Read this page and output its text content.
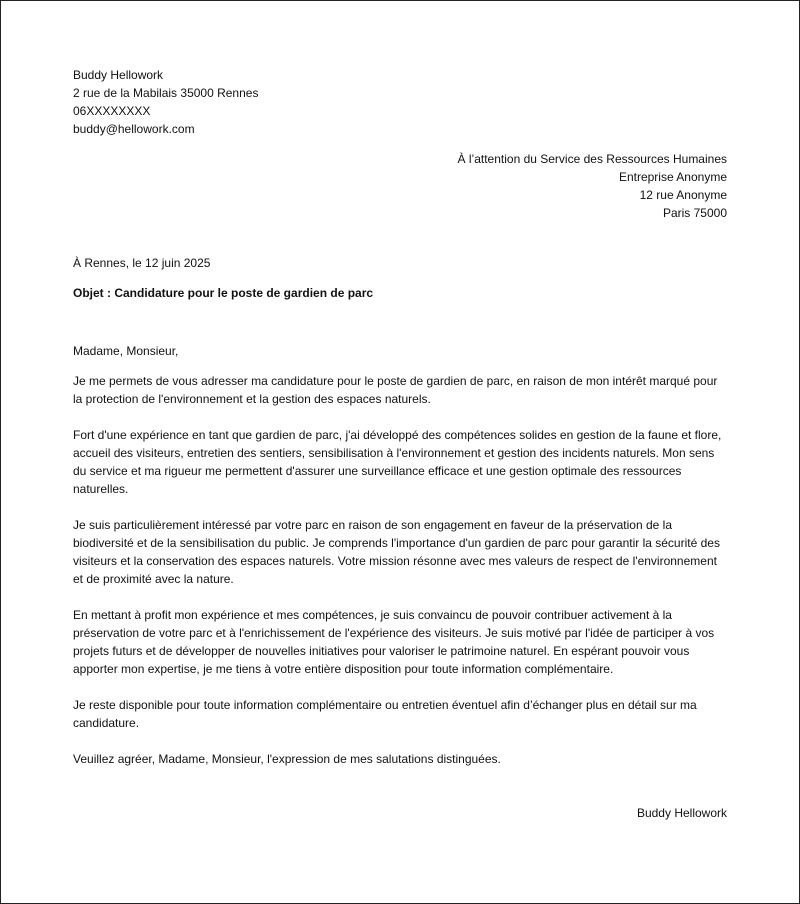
Buddy Hellowork
2 rue de la Mabilais 35000 Rennes
06XXXXXXXX
buddy@hellowork.com
À l’attention du Service des Ressources Humaines
Entreprise Anonyme
12 rue Anonyme
Paris 75000
À Rennes, le 12 juin 2025
Objet : Candidature pour le poste de gardien de parc
Madame, Monsieur,
Je me permets de vous adresser ma candidature pour le poste de gardien de parc, en raison de mon intérêt marqué pour la protection de l'environnement et la gestion des espaces naturels.
Fort d'une expérience en tant que gardien de parc, j'ai développé des compétences solides en gestion de la faune et flore, accueil des visiteurs, entretien des sentiers, sensibilisation à l'environnement et gestion des incidents naturels. Mon sens du service et ma rigueur me permettent d'assurer une surveillance efficace et une gestion optimale des ressources naturelles.
Je suis particulièrement intéressé par votre parc en raison de son engagement en faveur de la préservation de la biodiversité et de la sensibilisation du public. Je comprends l'importance d'un gardien de parc pour garantir la sécurité des visiteurs et la conservation des espaces naturels. Votre mission résonne avec mes valeurs de respect de l'environnement et de proximité avec la nature.
En mettant à profit mon expérience et mes compétences, je suis convaincu de pouvoir contribuer activement à la préservation de votre parc et à l'enrichissement de l'expérience des visiteurs. Je suis motivé par l'idée de participer à vos projets futurs et de développer de nouvelles initiatives pour valoriser le patrimoine naturel. En espérant pouvoir vous apporter mon expertise, je me tiens à votre entière disposition pour toute information complémentaire.
Je reste disponible pour toute information complémentaire ou entretien éventuel afin d’échanger plus en détail sur ma candidature.
Veuillez agréer, Madame, Monsieur, l'expression de mes salutations distinguées.
Buddy Hellowork
